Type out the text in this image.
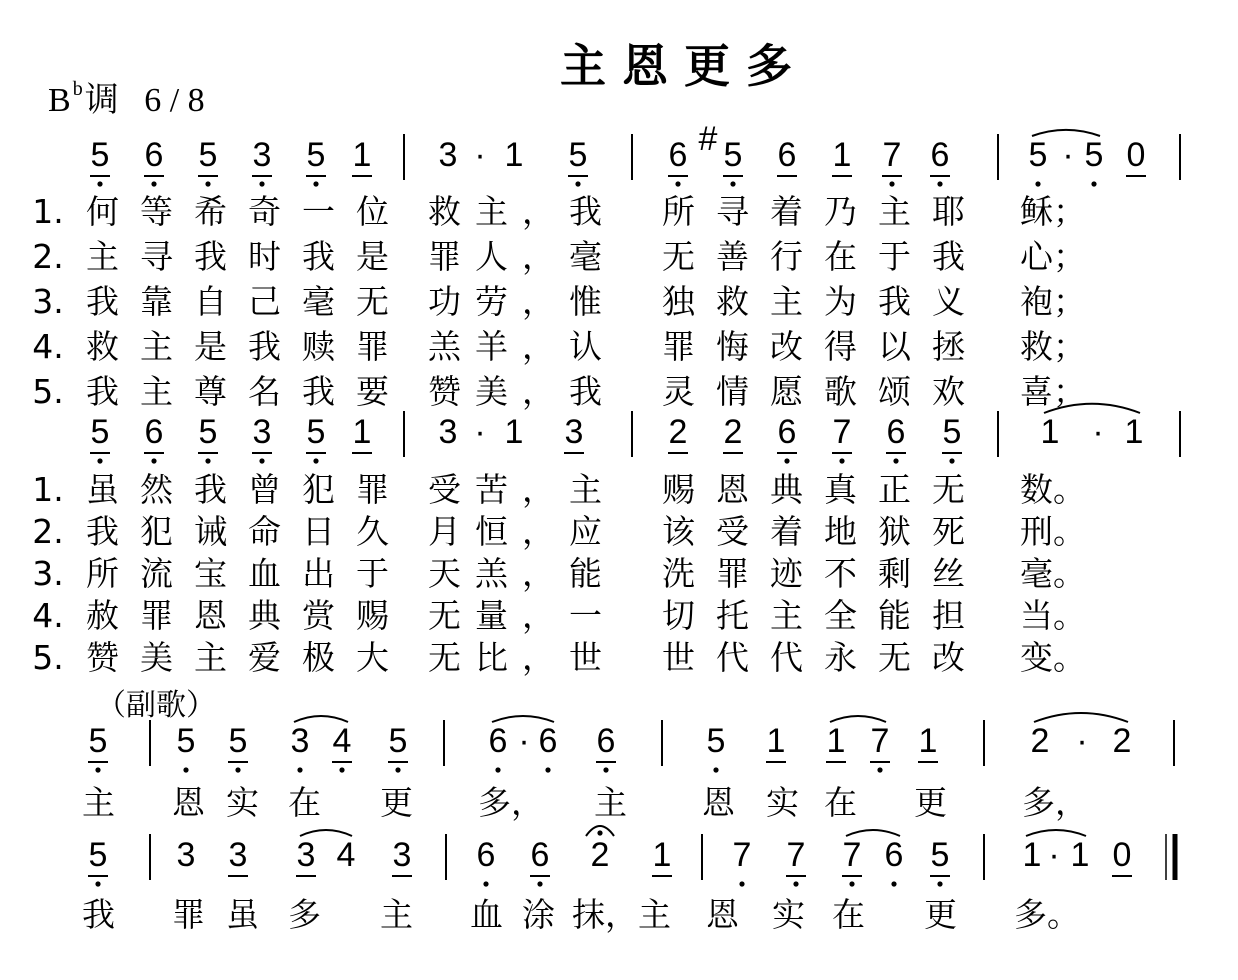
主恩更多
B $^b$调 6 / 8
（副歌）
5 6 5 3 5 1 3 · 1 5 6 5 6 1 7 6 5 · 5 0
#
1. 何等希奇一位 救主，我 所寻着乃主耶 稣；
2. 主寻我时我是 罪人，毫 无善行在于我 心；
3. 我靠自己毫无 功劳，惟 独救主为我义 袍；
4. 救主是我赎罪 羔羊，认 罪悔改得以拯 救；
5. 我主尊名我要 赞美，我 灵情愿歌颂欢 喜；
5 6 5 3 5 1 3 · 1 3	2 2 6 7 6 5 1 · 1
1. 虽然我曾犯罪 受苦，主 赐恩典真正无 数。
2. 我犯诫命日久 月恒，应 该受着地狱死 刑。
3. 所流宝血出于 天羔，能 洗罪迹不剩丝 毫。
4. 赦罪恩典赏赐 无量，一 切托主全能担 当。
5. 赞美主爱极大 无比，世 世代代永无改 变。
5 5 5 3 4 5 6 · 6 6	5 1 1 7 1	2 · 2
主 恩 实 在 更 多， 主 恩 实 在 更 多，
5 3 3 3 4 3 6 6 2 1 7 7 7 6 5 1 · 1 0
我 罪 虽 多 主 血 涂 抹，主 恩 实 在 更 多。
